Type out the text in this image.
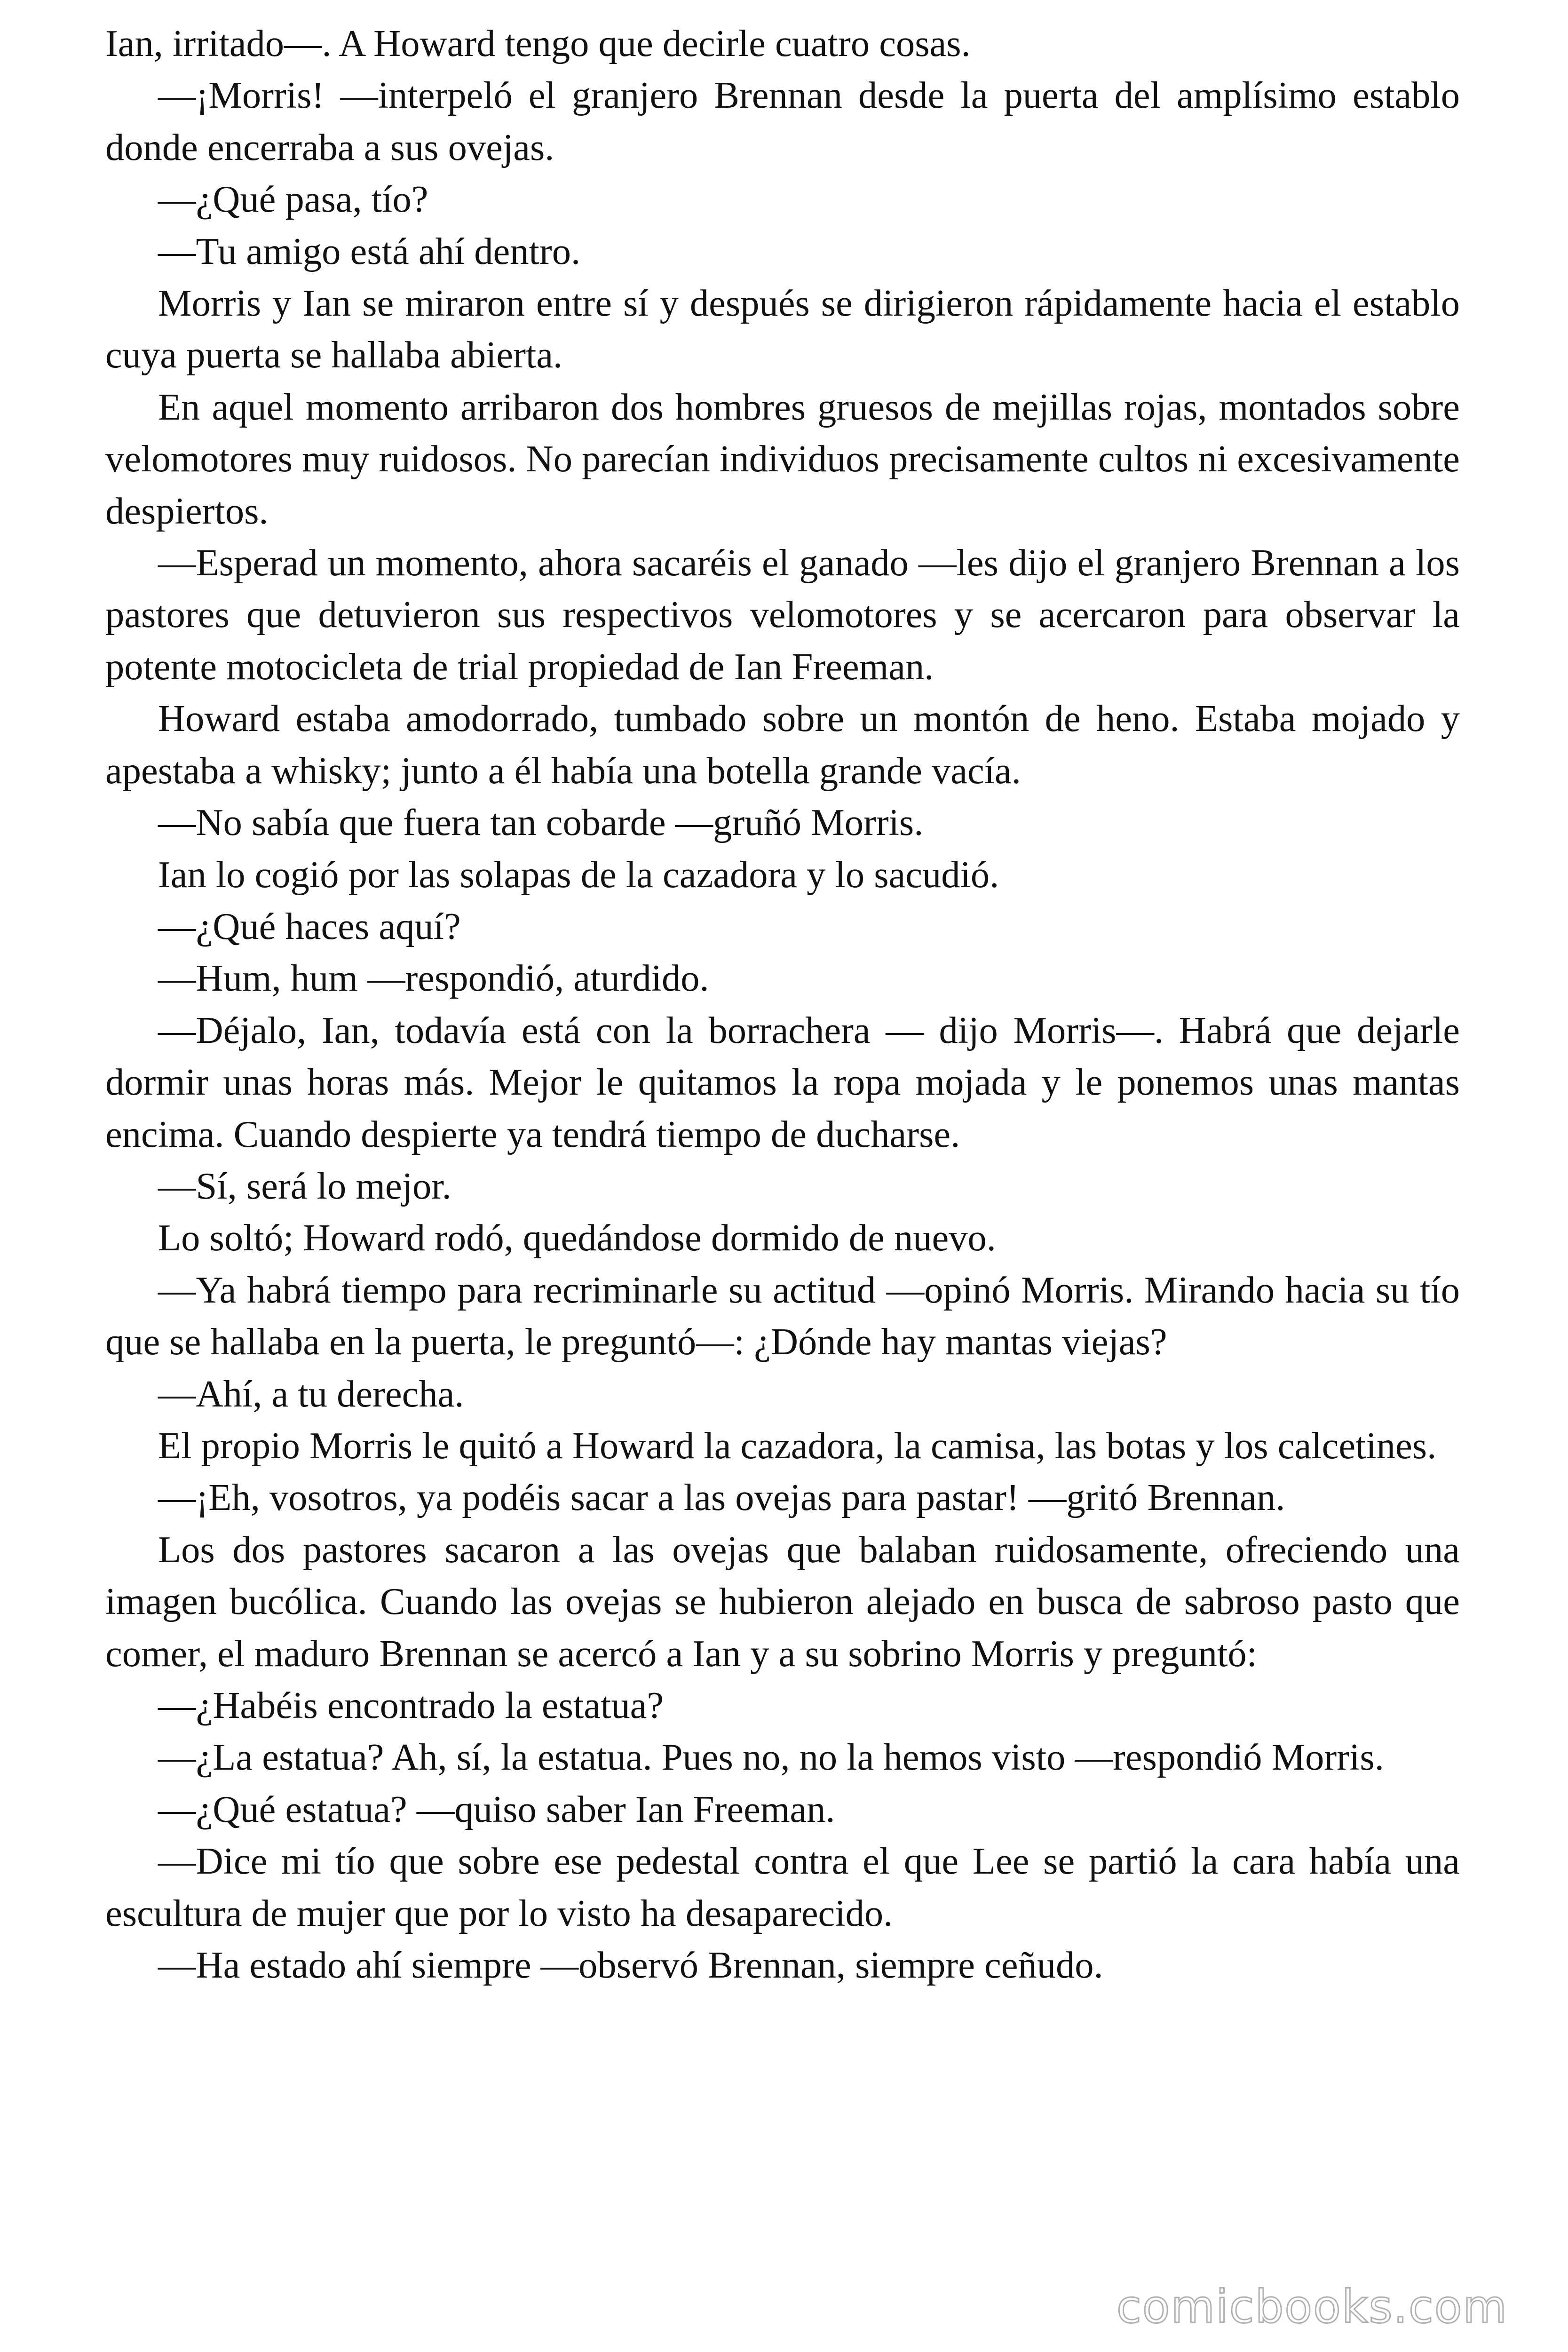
Ian, irritado—. A Howard tengo que decirle cuatro cosas.

—¡Morris! —interpeló el granjero Brennan desde la puerta del amplísimo establo donde encerraba a sus ovejas.

—¿Qué pasa, tío?

—Tu amigo está ahí dentro.

Morris y Ian se miraron entre sí y después se dirigieron rápidamente hacia el establo cuya puerta se hallaba abierta.

En aquel momento arribaron dos hombres gruesos de mejillas rojas, montados sobre velomotores muy ruidosos. No parecían individuos precisamente cultos ni excesivamente despiertos.

—Esperad un momento, ahora sacaréis el ganado —les dijo el granjero Brennan a los pastores que detuvieron sus respectivos velomotores y se acercaron para observar la potente motocicleta de trial propiedad de Ian Freeman.

Howard estaba amodorrado, tumbado sobre un montón de heno. Estaba mojado y apestaba a whisky; junto a él había una botella grande vacía.

—No sabía que fuera tan cobarde —gruñó Morris.

Ian lo cogió por las solapas de la cazadora y lo sacudió.

—¿Qué haces aquí?

—Hum, hum —respondió, aturdido.

—Déjalo, Ian, todavía está con la borrachera — dijo Morris—. Habrá que dejarle dormir unas horas más. Mejor le quitamos la ropa mojada y le ponemos unas mantas encima. Cuando despierte ya tendrá tiempo de ducharse.

—Sí, será lo mejor.

Lo soltó; Howard rodó, quedándose dormido de nuevo.

—Ya habrá tiempo para recriminarle su actitud —opinó Morris. Mirando hacia su tío que se hallaba en la puerta, le preguntó—: ¿Dónde hay mantas viejas?

—Ahí, a tu derecha.

El propio Morris le quitó a Howard la cazadora, la camisa, las botas y los calcetines.

—¡Eh, vosotros, ya podéis sacar a las ovejas para pastar! —gritó Brennan.

Los dos pastores sacaron a las ovejas que balaban ruidosamente, ofreciendo una imagen bucólica. Cuando las ovejas se hubieron alejado en busca de sabroso pasto que comer, el maduro Brennan se acercó a Ian y a su sobrino Morris y preguntó:

—¿Habéis encontrado la estatua?

—¿La estatua? Ah, sí, la estatua. Pues no, no la hemos visto —respondió Morris.

—¿Qué estatua? —quiso saber Ian Freeman.

—Dice mi tío que sobre ese pedestal contra el que Lee se partió la cara había una escultura de mujer que por lo visto ha desaparecido.

—Ha estado ahí siempre —observó Brennan, siempre ceñudo.

comicbooks.com
